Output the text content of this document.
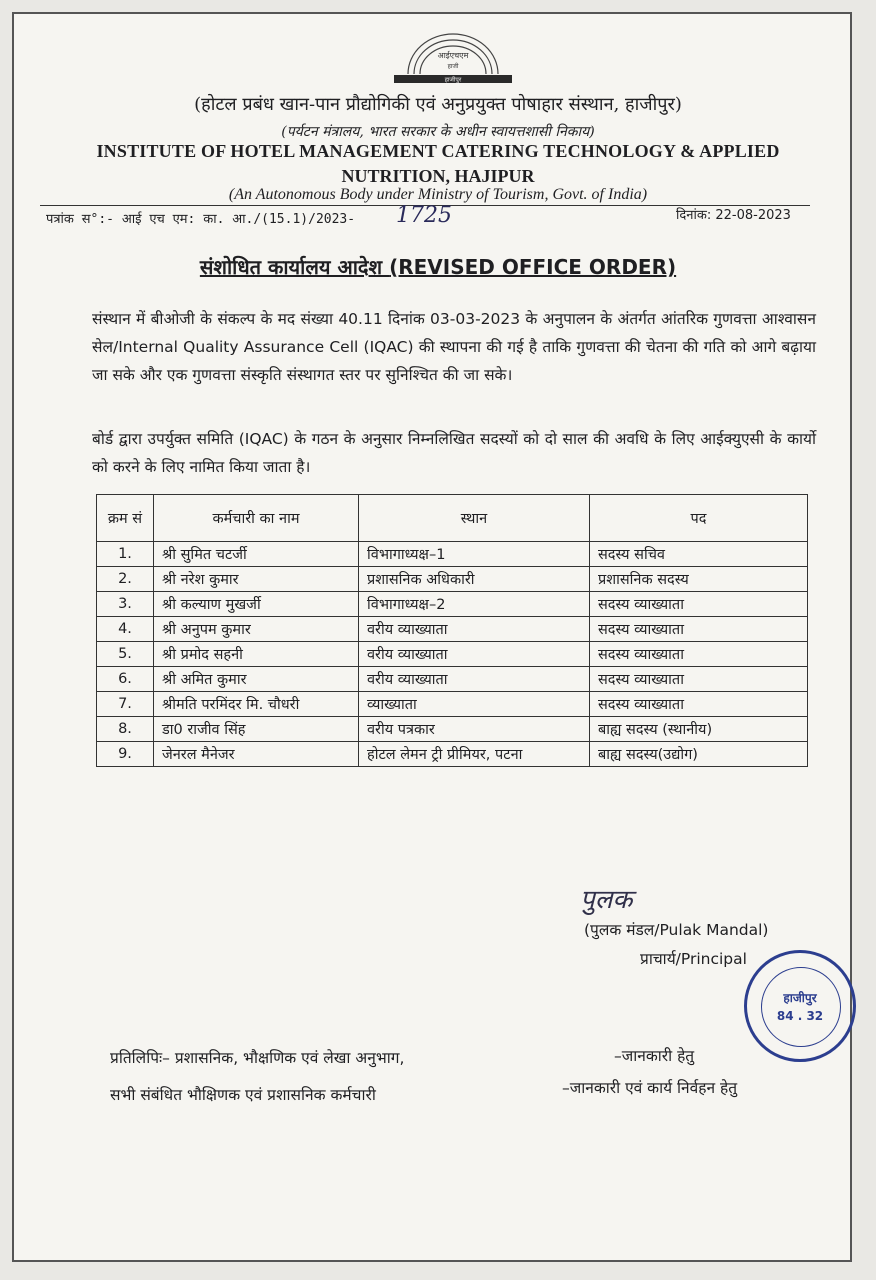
आईएचएम
हाजी
हाजीपुर
(होटल प्रबंध खान-पान प्रौद्योगिकी एवं अनुप्रयुक्त पोषाहार संस्थान, हाजीपुर)
(पर्यटन मंत्रालय, भारत सरकार के अधीन स्वायत्तशासी निकाय)
INSTITUTE OF HOTEL MANAGEMENT CATERING TECHNOLOGY & APPLIED
NUTRITION, HAJIPUR
(An Autonomous Body under Ministry of Tourism, Govt. of India)
पत्रांक स°:- आई एच एम: का. आ./(15.1)/2023- 1725	दिनांक: 22-08-2023
संशोधित कार्यालय आदेश (REVISED OFFICE ORDER)
संस्थान में बीओजी के संकल्प के मद संख्या 40.11 दिनांक 03-03-2023 के अनुपालन के अंतर्गत आंतरिक गुणवत्ता आश्वासन सेल/Internal Quality Assurance Cell (IQAC) की स्थापना की गई है ताकि गुणवत्ता की चेतना की गति को आगे बढ़ाया जा सके और एक गुणवत्ता संस्कृति संस्थागत स्तर पर सुनिश्चित की जा सके।
बोर्ड द्वारा उपर्युक्त समिति (IQAC) के गठन के अनुसार निम्नलिखित सदस्यों को दो साल की अवधि के लिए आईक्युएसी के कार्यो को करने के लिए नामित किया जाता है।
क्रम सं	कर्मचारी का नाम	स्थान	पद
1.	श्री सुमित चटर्जी	विभागाध्यक्ष–1	सदस्य सचिव
2.	श्री नरेश कुमार	प्रशासनिक अधिकारी	प्रशासनिक सदस्य
3.	श्री कल्याण मुखर्जी	विभागाध्यक्ष–2	सदस्य व्याख्याता
4.	श्री अनुपम कुमार	वरीय व्याख्याता	सदस्य व्याख्याता
5.	श्री प्रमोद सहनी	वरीय व्याख्याता	सदस्य व्याख्याता
6.	श्री अमित कुमार	वरीय व्याख्याता	सदस्य व्याख्याता
7.	श्रीमति परमिंदर मि. चौधरी	व्याख्याता	सदस्य व्याख्याता
8.	डा0 राजीव सिंह	वरीय पत्रकार	बाह्य सदस्य (स्थानीय)
9.	जेनरल मैनेजर	होटल लेमन ट्री प्रीमियर, पटना	बाह्य सदस्य(उद्योग)
पुलक
(पुलक मंडल/Pulak Mandal)
प्राचार्य/Principal
हाजीपुर
84 . 32
प्रतिलिपिः– प्रशासनिक, भौक्षणिक एवं लेखा अनुभाग,	–जानकारी हेतु
सभी संबंधित भौक्षिणक एवं प्रशासनिक कर्मचारी	–जानकारी एवं कार्य निर्वहन हेतु
